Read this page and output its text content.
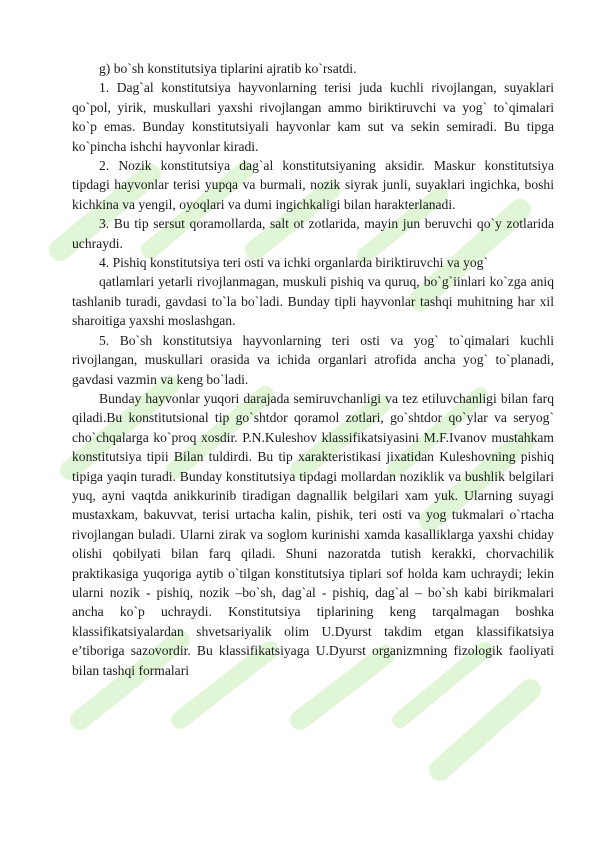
g) bo`sh konstitutsiya tiplarini ajratib ko`rsatdi.

1. Dag`al konstitutsiya hayvonlarning terisi juda kuchli rivojlangan, suyaklari qo`pol, yirik, muskullari yaxshi rivojlangan ammo biriktiruvchi va yog` to`qimalari ko`p emas. Bunday konstitutsiyali hayvonlar kam sut va sekin semiradi. Bu tipga ko`pincha ishchi hayvonlar kiradi.

2. Nozik konstitutsiya dag`al konstitutsiyaning aksidir. Maskur konstitutsiya tipdagi hayvonlar terisi yupqa va burmali, nozik siyrak junli, suyaklari ingichka, boshi kichkina va yengil, oyoqlari va dumi ingichkaligi bilan harakterlanadi.

3. Bu tip sersut qoramollarda, salt ot zotlarida, mayin jun beruvchi qo`y zotlarida uchraydi.

4. Pishiq konstitutsiya teri osti va ichki organlarda biriktiruvchi va yog`

qatlamlari yetarli rivojlanmagan, muskuli pishiq va quruq, bo`g`iinlari ko`zga aniq tashlanib turadi, gavdasi to`la bo`ladi. Bunday tipli hayvonlar tashqi muhitning har xil sharoitiga yaxshi moslashgan.

5. Bo`sh konstitutsiya hayvonlarning teri osti va yog` to`qimalari kuchli rivojlangan, muskullari orasida va ichida organlari atrofida ancha yog` to`planadi, gavdasi vazmin va keng bo`ladi.

Bunday hayvonlar yuqori darajada semiruvchanligi va tez etiluvchanligi bilan farq qiladi.Bu konstitutsional tip go`shtdor qoramol zotlari, go`shtdor qo`ylar va seryog` cho`chqalarga ko`proq xosdir. P.N.Kuleshov klassifikatsiyasini M.F.Ivanov mustahkam konstitutsiya tipii Bilan tuldirdi. Bu tip xarakteristikasi jixatidan Kuleshovning pishiq tipiga yaqin turadi. Bunday konstitutsiya tipdagi mollardan noziklik va bushlik belgilari yuq, ayni vaqtda anikkurinib tiradigan dagnallik belgilari xam yuk. Ularning suyagi mustaxkam, bakuvvat, terisi urtacha kalin, pishik, teri osti va yog tukmalari o`rtacha rivojlangan buladi. Ularni zirak va soglom kurinishi xamda kasalliklarga yaxshi chiday olishi qobilyati bilan farq qiladi. Shuni nazoratda tutish kerakki, chorvachilik praktikasiga yuqoriga aytib o`tilgan konstitutsiya tiplari sof holda kam uchraydi; lekin ularni nozik - pishiq, nozik –bo`sh, dag`al - pishiq, dag`al – bo`sh kabi birikmalari ancha ko`p uchraydi. Konstitutsiya tiplarining keng tarqalmagan boshka klassifikatsiyalardan shvetsariyalik olim U.Dyurst takdim etgan klassifikatsiya e’tiboriga sazovordir. Bu klassifikatsiyaga U.Dyurst organizmning fizologik faoliyati bilan tashqi formalari
